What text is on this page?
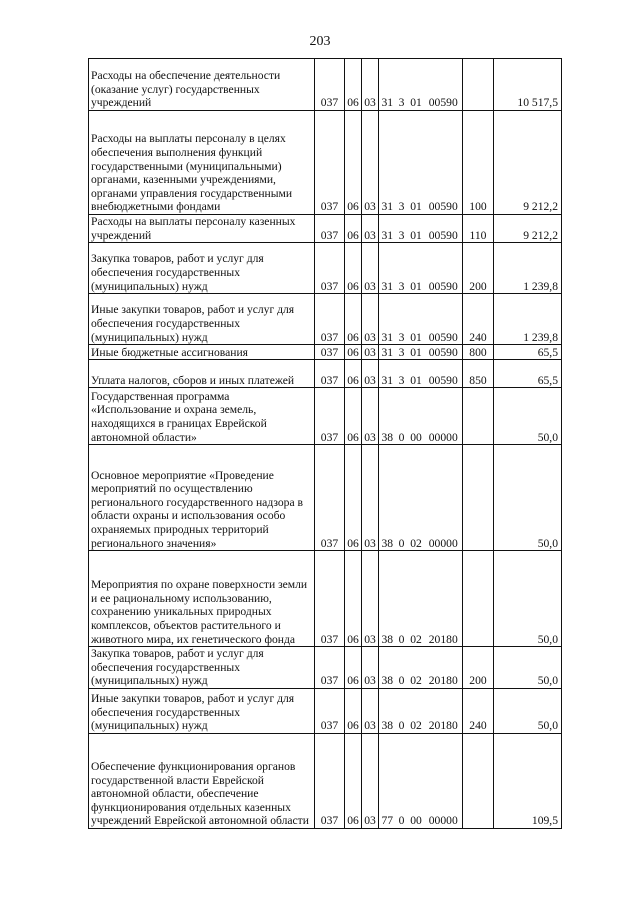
203
Расходы на обеспечение деятельности (оказание услуг) государственных учреждений	037	06	03	31	3	01	00590		10 517,5
Расходы на выплаты персоналу в целях обеспечения выполнения функций государственными (муниципальными) органами, казенными учреждениями, органами управления государственными внебюджетными фондами	037	06	03	31	3	01	00590	100	9 212,2
Расходы на выплаты персоналу казенных учреждений	037	06	03	31	3	01	00590	110	9 212,2
Закупка товаров, работ и услуг для обеспечения государственных (муниципальных) нужд	037	06	03	31	3	01	00590	200	1 239,8
Иные закупки товаров, работ и услуг для обеспечения государственных (муниципальных) нужд	037	06	03	31	3	01	00590	240	1 239,8
Иные бюджетные ассигнования	037	06	03	31	3	01	00590	800	65,5
Уплата налогов, сборов и иных платежей	037	06	03	31	3	01	00590	850	65,5
Государственная программа «Использование и охрана земель, находящихся в границах Еврейской автономной области»	037	06	03	38	0	00	00000		50,0
Основное мероприятие «Проведение мероприятий по осуществлению регионального государственного надзора в области охраны и использования особо охраняемых природных территорий регионального значения»	037	06	03	38	0	02	00000		50,0
Мероприятия по охране поверхности земли и ее рациональному использованию, сохранению уникальных природных комплексов, объектов растительного и животного мира, их генетического фонда	037	06	03	38	0	02	20180		50,0
Закупка товаров, работ и услуг для обеспечения государственных (муниципальных) нужд	037	06	03	38	0	02	20180	200	50,0
Иные закупки товаров, работ и услуг для обеспечения государственных (муниципальных) нужд	037	06	03	38	0	02	20180	240	50,0
Обеспечение функционирования органов государственной власти Еврейской автономной области, обеспечение функционирования отдельных казенных учреждений Еврейской автономной области	037	06	03	77	0	00	00000		109,5
